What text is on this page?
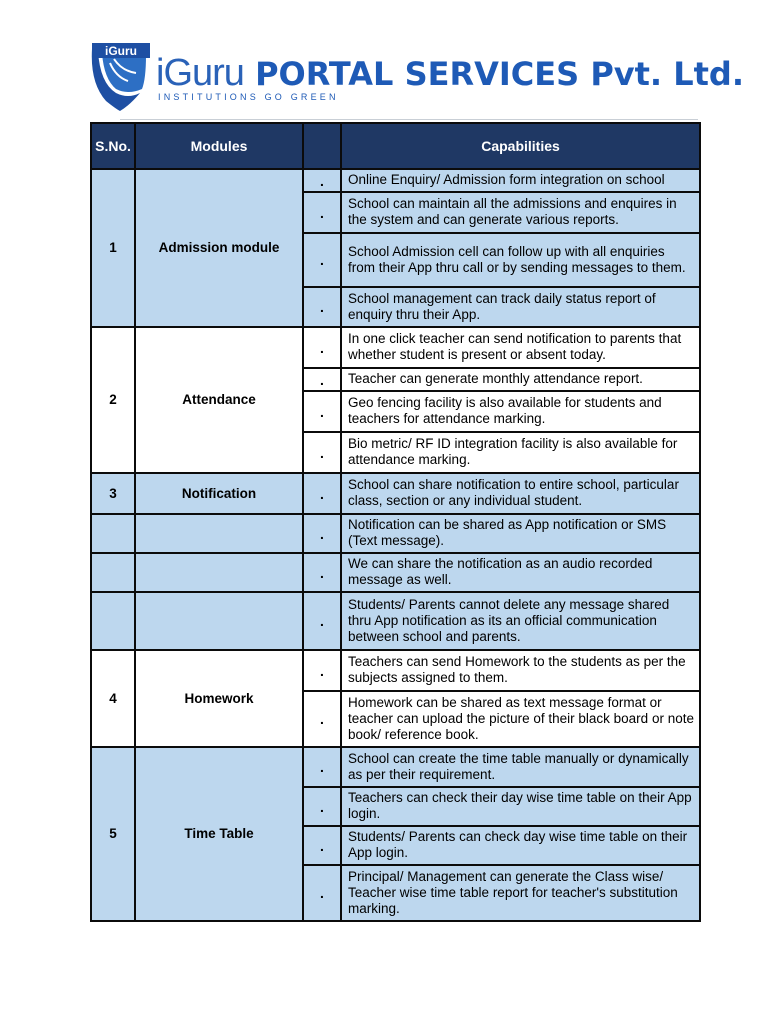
iGuru
iGuru PORTAL SERVICES Pvt. Ltd.
INSTITUTIONS GO GREEN
S.No.	Modules		Capabilities
1	Admission module	.	Online Enquiry/ Admission form integration on school
		.	School can maintain all the admissions and enquires in the system and can generate various reports.
		.	School Admission cell can follow up with all enquiries from their App thru call or by sending messages to them.
		.	School management can track daily status report of enquiry thru their App.
2	Attendance	.	In one click teacher can send notification to parents that whether student is present or absent today.
		.	Teacher can generate monthly attendance report.
		.	Geo fencing facility is also available for students and teachers for attendance marking.
		.	Bio metric/ RF ID integration facility is also available for attendance marking.
3	Notification	.	School can share notification to entire school, particular class, section or any individual student.
		.	Notification can be shared as App notification or SMS (Text message).
		.	We can share the notification as an audio recorded message as well.
		.	Students/ Parents cannot delete any message shared thru App notification as its an official communication between school and parents.
4	Homework	.	Teachers can send Homework to the students as per the subjects assigned to them.
		.	Homework can be shared as text message format or teacher can upload the picture of their black board or note book/ reference book.
5	Time Table	.	School can create the time table manually or dynamically as per their requirement.
		.	Teachers can check their day wise time table on their App login.
		.	Students/ Parents can check day wise time table on their App login.
		.	Principal/ Management can generate the Class wise/ Teacher wise time table report for teacher's substitution marking.
